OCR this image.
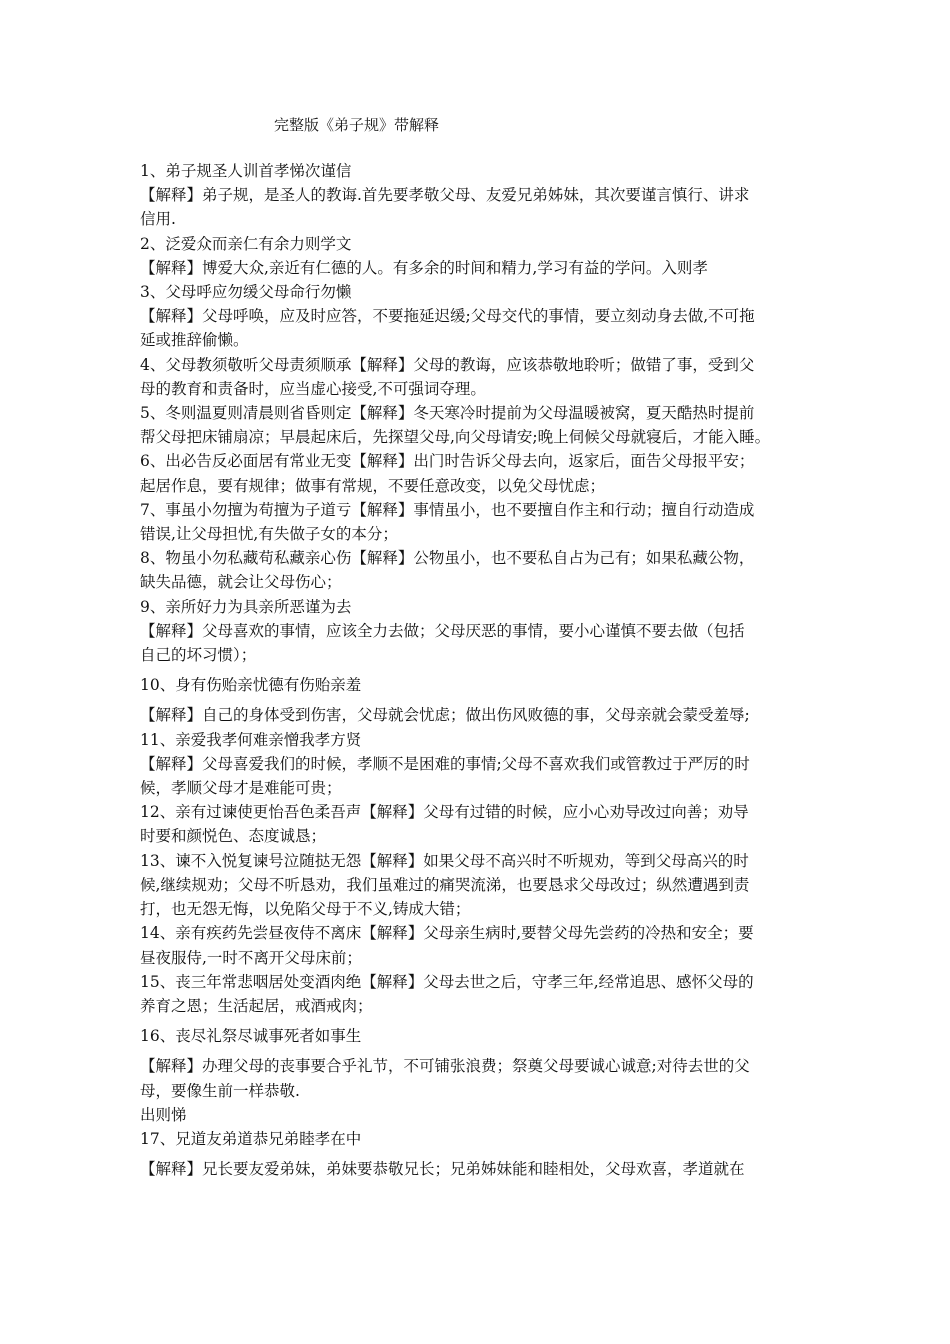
完整版《弟子规》带解释

1、弟子规圣人训首孝悌次谨信

【解释】弟子规，是圣人的教诲.首先要孝敬父母、友爱兄弟姊妹，其次要谨言慎行、讲求

信用.

2、泛爱众而亲仁有余力则学文

【解释】博爱大众,亲近有仁德的人。有多余的时间和精力,学习有益的学问。入则孝

3、父母呼应勿缓父母命行勿懒

【解释】父母呼唤，应及时应答，不要拖延迟缓;父母交代的事情，要立刻动身去做,不可拖

延或推辞偷懒。

4、父母教须敬听父母责须顺承【解释】父母的教诲，应该恭敬地聆听；做错了事，受到父

母的教育和责备时，应当虚心接受,不可强词夺理。

5、冬则温夏则凊晨则省昏则定【解释】冬天寒冷时提前为父母温暖被窝，夏天酷热时提前

帮父母把床铺扇凉；早晨起床后，先探望父母,向父母请安;晚上伺候父母就寝后，才能入睡。

6、出必告反必面居有常业无变【解释】出门时告诉父母去向，返家后，面告父母报平安；

起居作息，要有规律；做事有常规，不要任意改变，以免父母忧虑；

7、事虽小勿擅为苟擅为子道亏【解释】事情虽小，也不要擅自作主和行动；擅自行动造成

错误,让父母担忧,有失做子女的本分；

8、物虽小勿私藏苟私藏亲心伤【解释】公物虽小，也不要私自占为己有；如果私藏公物，

缺失品德，就会让父母伤心；

9、亲所好力为具亲所恶谨为去

【解释】父母喜欢的事情，应该全力去做；父母厌恶的事情，要小心谨慎不要去做（包括

自己的坏习惯）；

10、身有伤贻亲忧德有伤贻亲羞

【解释】自己的身体受到伤害，父母就会忧虑；做出伤风败德的事，父母亲就会蒙受羞辱;

11、亲爱我孝何难亲憎我孝方贤

【解释】父母喜爱我们的时候，孝顺不是困难的事情;父母不喜欢我们或管教过于严厉的时

候，孝顺父母才是难能可贵；

12、亲有过谏使更怡吾色柔吾声【解释】父母有过错的时候，应小心劝导改过向善；劝导

时要和颜悦色、态度诚恳；

13、谏不入悦复谏号泣随挞无怨【解释】如果父母不高兴时不听规劝，等到父母高兴的时

候,继续规劝；父母不听恳劝，我们虽难过的痛哭流涕，也要恳求父母改过；纵然遭遇到责

打，也无怨无悔，以免陷父母于不义,铸成大错；

14、亲有疾药先尝昼夜侍不离床【解释】父母亲生病时,要替父母先尝药的冷热和安全；要

昼夜服侍,一时不离开父母床前；

15、丧三年常悲咽居处变酒肉绝【解释】父母去世之后，守孝三年,经常追思、感怀父母的

养育之恩；生活起居，戒酒戒肉；

16、丧尽礼祭尽诚事死者如事生

【解释】办理父母的丧事要合乎礼节，不可铺张浪费；祭奠父母要诚心诚意;对待去世的父

母，要像生前一样恭敬.

出则悌

17、兄道友弟道恭兄弟睦孝在中

【解释】兄长要友爱弟妹，弟妹要恭敬兄长；兄弟姊妹能和睦相处，父母欢喜，孝道就在
